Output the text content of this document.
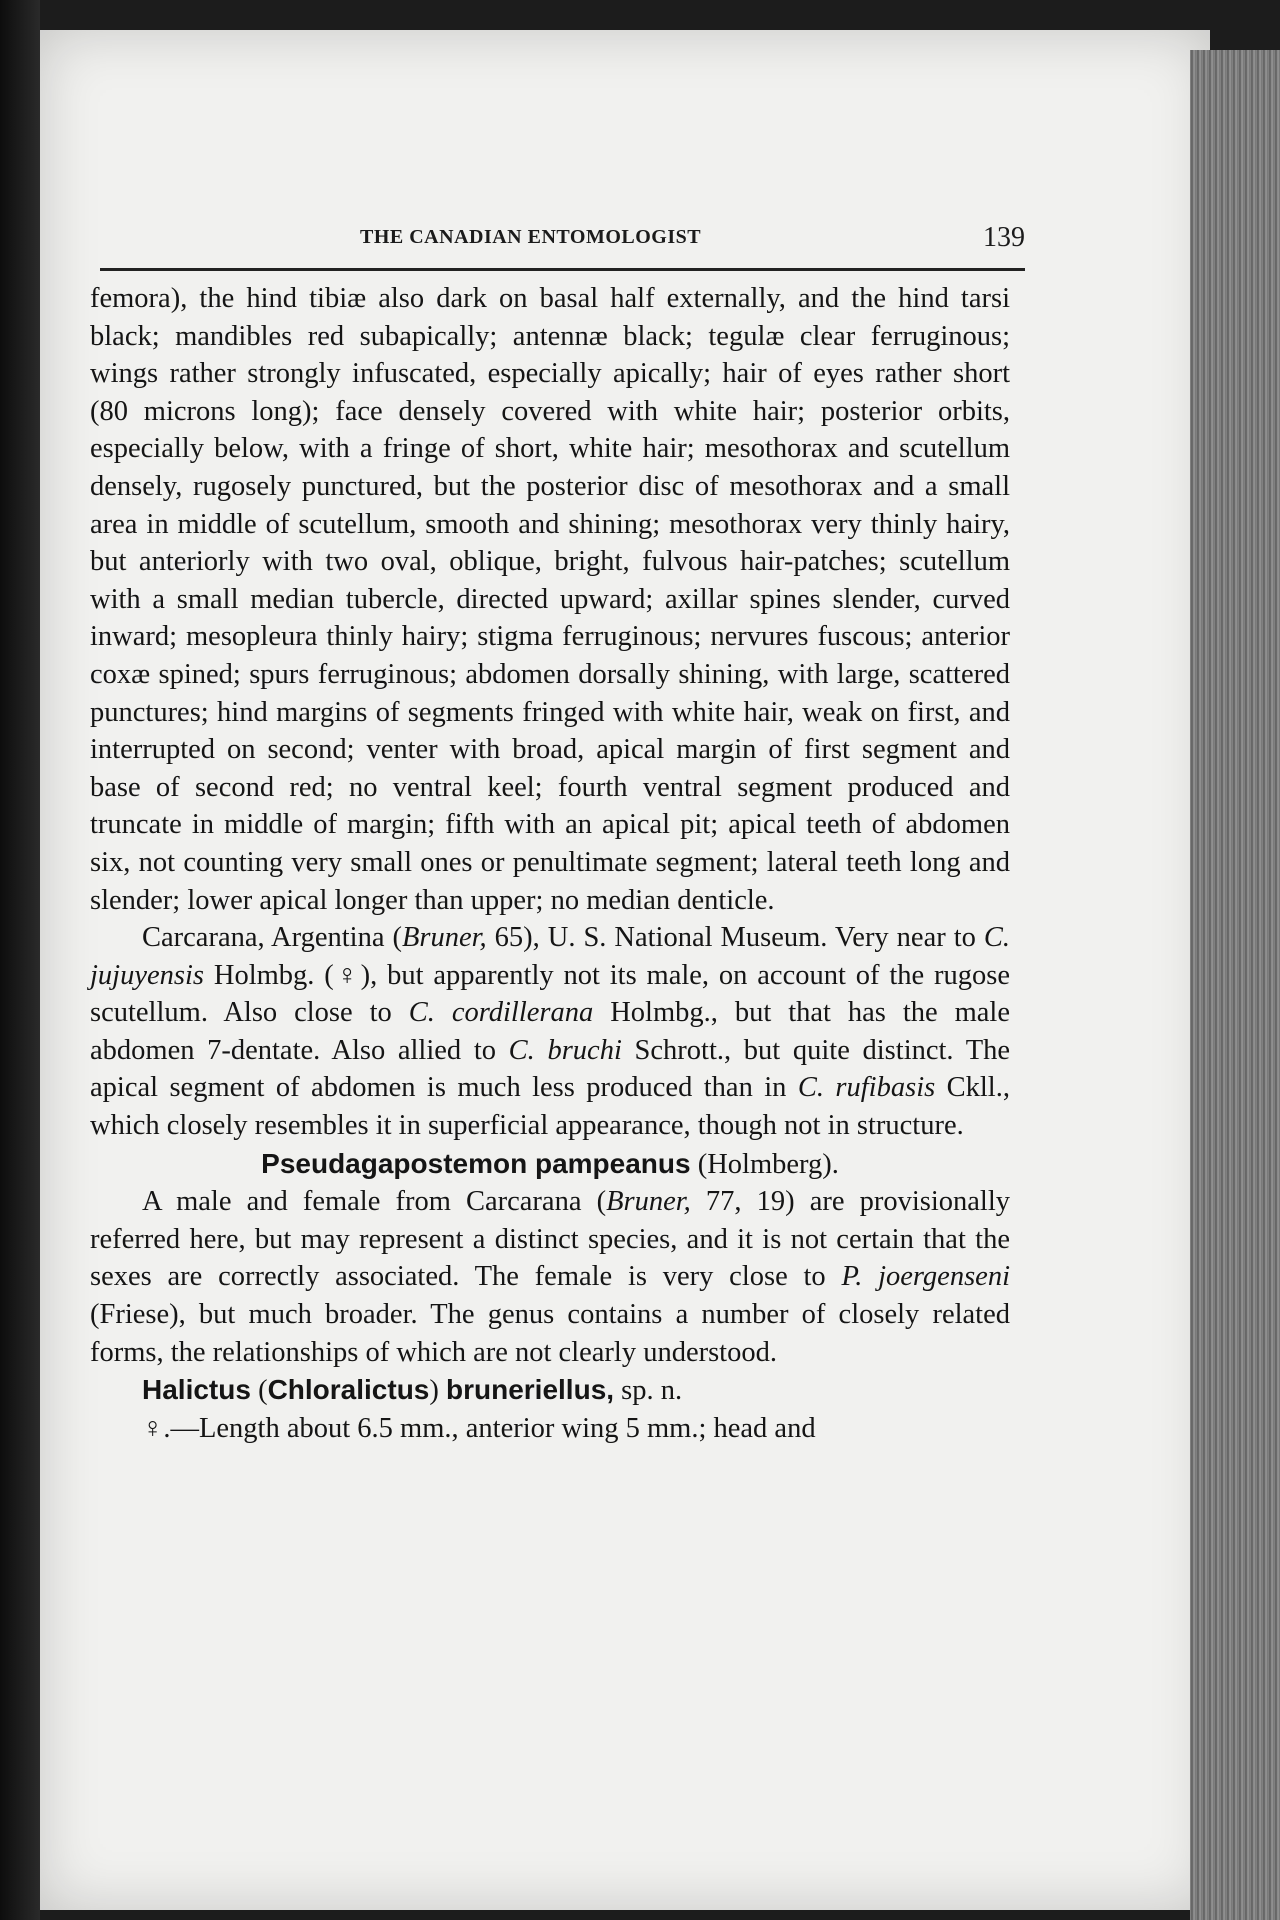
THE CANADIAN ENTOMOLOGIST	139

femora), the hind tibiæ also dark on basal half externally, and the hind tarsi black; mandibles red subapically; antennæ black; tegulæ clear ferruginous; wings rather strongly infuscated, especially apically; hair of eyes rather short (80 microns long); face densely covered with white hair; posterior orbits, especially below, with a fringe of short, white hair; mesothorax and scutellum densely, rugosely punctured, but the posterior disc of mesothorax and a small area in middle of scutellum, smooth and shining; mesothorax very thinly hairy, but anteriorly with two oval, oblique, bright, fulvous hair-patches; scutellum with a small median tubercle, directed upward; axillar spines slender, curved inward; mesopleura thinly hairy; stigma ferruginous; nervures fuscous; anterior coxæ spined; spurs ferruginous; abdomen dorsally shining, with large, scattered punctures; hind margins of segments fringed with white hair, weak on first, and interrupted on second; venter with broad, apical margin of first segment and base of second red; no ventral keel; fourth ventral segment produced and truncate in middle of margin; fifth with an apical pit; apical teeth of abdomen six, not counting very small ones or penultimate segment; lateral teeth long and slender; lower apical longer than upper; no median denticle.

Carcarana, Argentina (Bruner, 65), U. S. National Museum. Very near to C. jujuyensis Holmbg. (♀), but apparently not its male, on account of the rugose scutellum. Also close to C. cordillerana Holmbg., but that has the male abdomen 7-dentate. Also allied to C. bruchi Schrott., but quite distinct. The apical segment of abdomen is much less produced than in C. rufibasis Ckll., which closely resembles it in superficial appearance, though not in structure.

Pseudagapostemon pampeanus (Holmberg).

A male and female from Carcarana (Bruner, 77, 19) are provisionally referred here, but may represent a distinct species, and it is not certain that the sexes are correctly associated. The female is very close to P. joergenseni (Friese), but much broader. The genus contains a number of closely related forms, the relationships of which are not clearly understood.

Halictus (Chloralictus) bruneriellus, sp. n.

♀.—Length about 6.5 mm., anterior wing 5 mm.; head and
